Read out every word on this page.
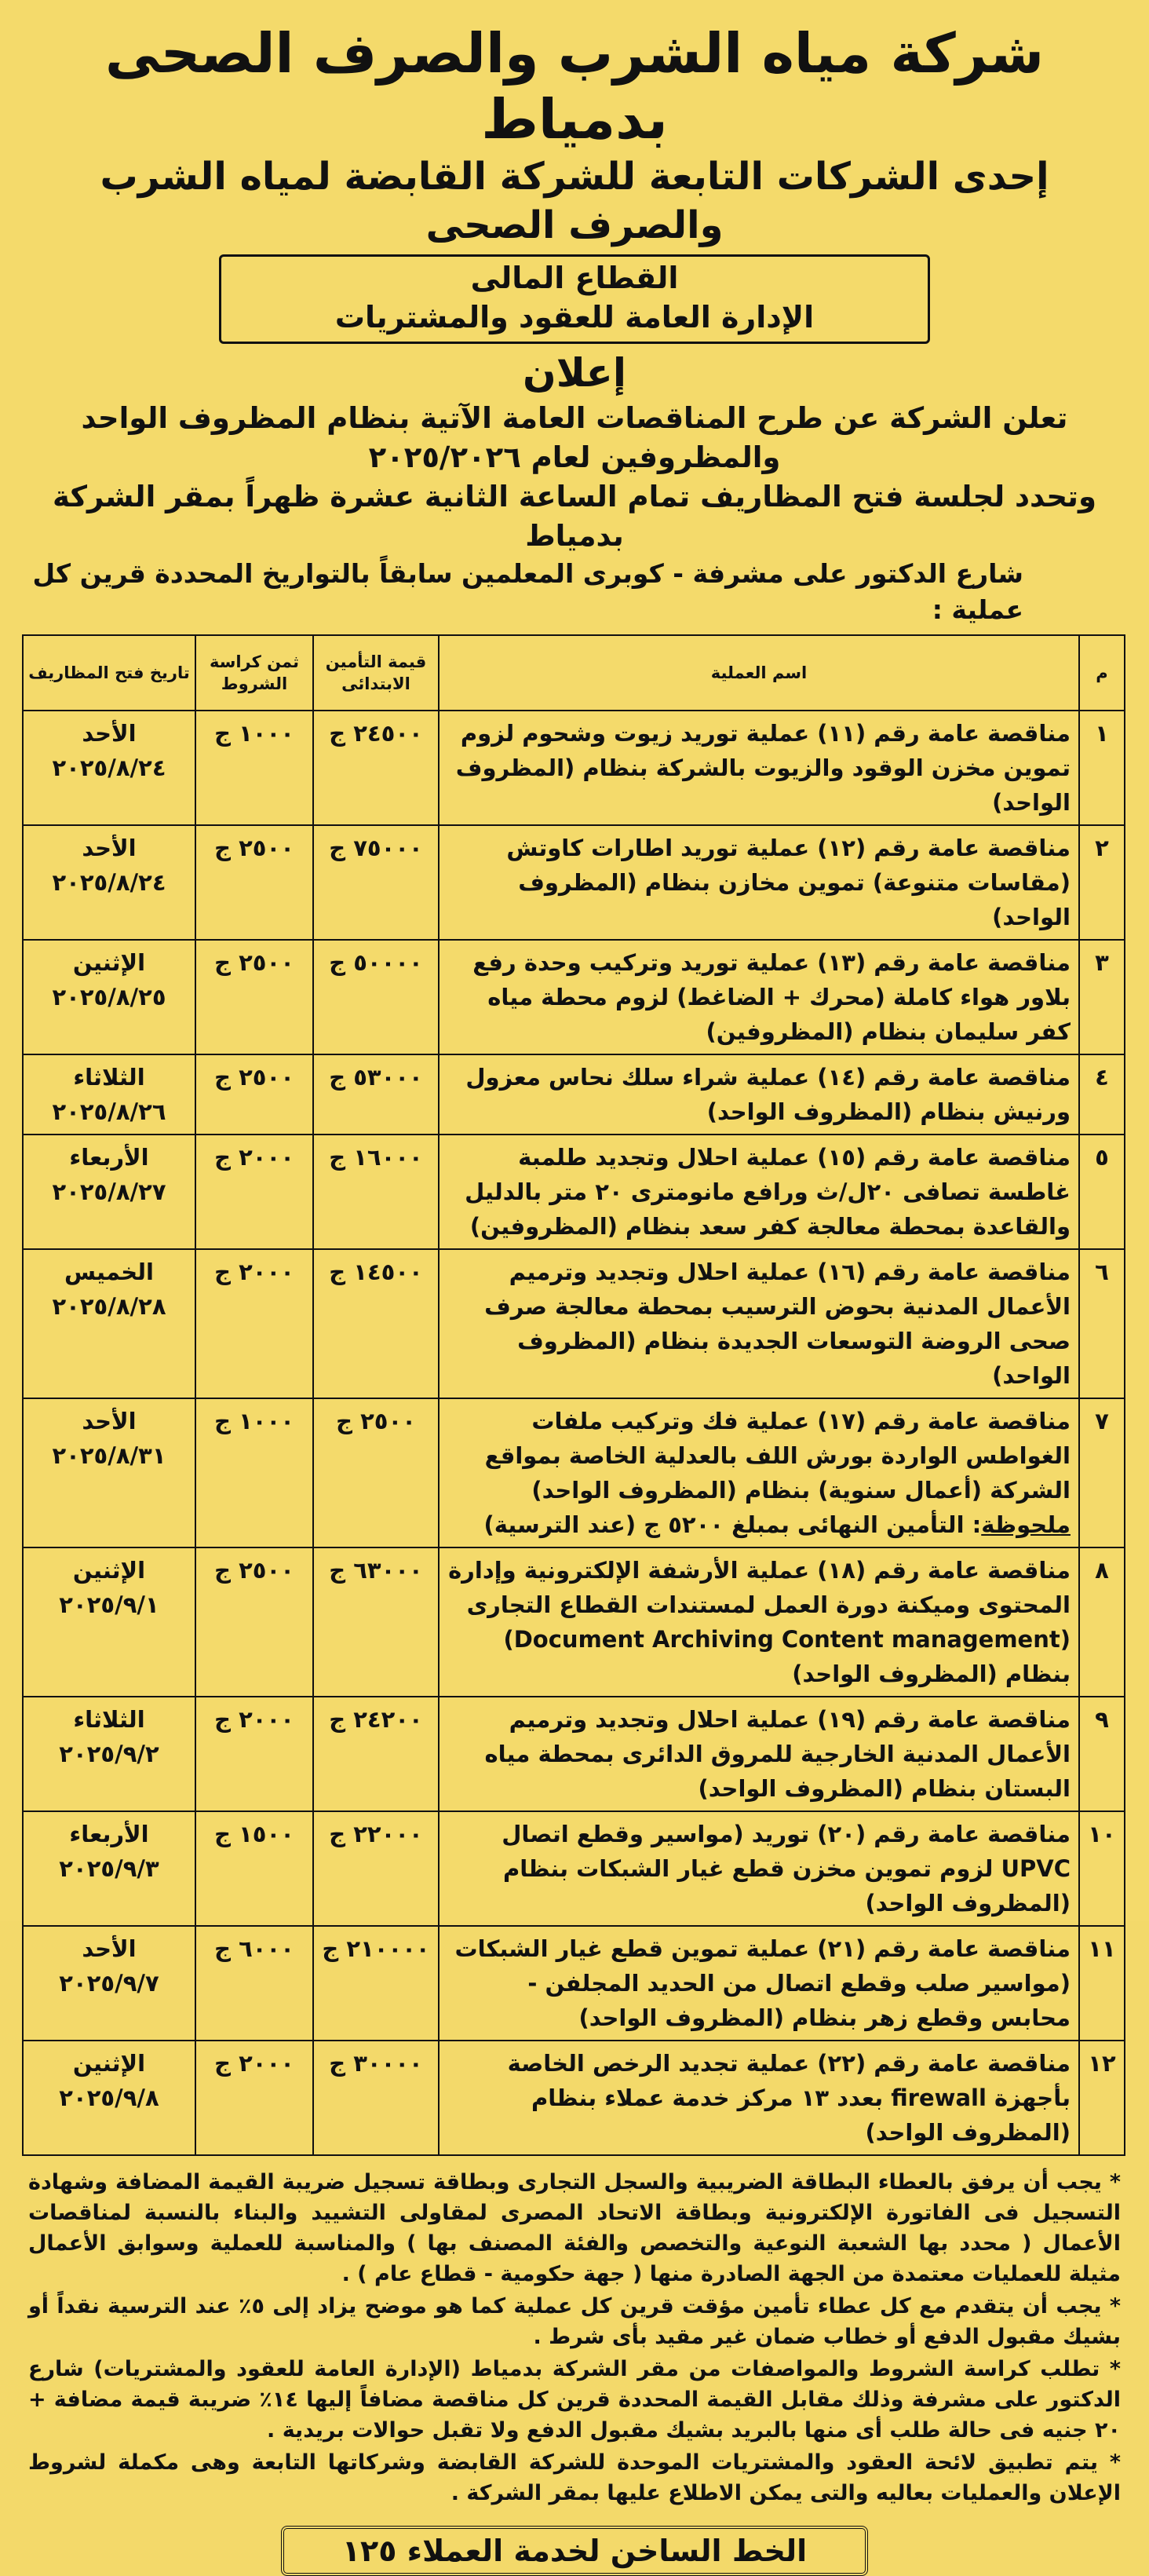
شركة مياه الشرب والصرف الصحى بدمياط
إحدى الشركات التابعة للشركة القابضة لمياه الشرب والصرف الصحى
القطاع المالى
الإدارة العامة للعقود والمشتريات
إعلان
تعلن الشركة عن طرح المناقصات العامة الآتية بنظام المظروف الواحد والمظروفين لعام ٢٠٢٥/٢٠٢٦
وتحدد لجلسة فتح المظاريف تمام الساعة الثانية عشرة ظهراً بمقر الشركة بدمياط
شارع الدكتور على مشرفة - كوبرى المعلمين سابقاً بالتواريخ المحددة قرين كل عملية :
م	اسم العملية	قيمة التأمين الابتدائى	ثمن كراسة الشروط	تاريخ فتح المظاريف
١	مناقصة عامة رقم (١١) عملية توريد زيوت وشحوم لزوم تموين مخزن الوقود والزيوت بالشركة بنظام (المظروف الواحد)	٢٤٥٠٠ ج	١٠٠٠ ج	الأحد
٢٠٢٥/٨/٢٤

٢	مناقصة عامة رقم (١٢) عملية توريد اطارات كاوتش (مقاسات متنوعة) تموين مخازن بنظام (المظروف الواحد)	٧٥٠٠٠ ج	٢٥٠٠ ج	الأحد
٢٠٢٥/٨/٢٤

٣	مناقصة عامة رقم (١٣) عملية توريد وتركيب وحدة رفع بلاور هواء كاملة (محرك + الضاغط) لزوم محطة مياه كفر سليمان بنظام (المظروفين)	٥٠٠٠٠ ج	٢٥٠٠ ج	الإثنين
٢٠٢٥/٨/٢٥

٤	مناقصة عامة رقم (١٤) عملية شراء سلك نحاس معزول ورنيش بنظام (المظروف الواحد)	٥٣٠٠٠ ج	٢٥٠٠ ج	الثلاثاء
٢٠٢٥/٨/٢٦

٥	مناقصة عامة رقم (١٥) عملية احلال وتجديد طلمبة غاطسة تصافى ٢٠ل/ث ورافع مانومترى ٢٠ متر بالدليل والقاعدة بمحطة معالجة كفر سعد بنظام (المظروفين)	١٦٠٠٠ ج	٢٠٠٠ ج	الأربعاء
٢٠٢٥/٨/٢٧

٦	مناقصة عامة رقم (١٦) عملية احلال وتجديد وترميم الأعمال المدنية بحوض الترسيب بمحطة معالجة صرف صحى الروضة التوسعات الجديدة بنظام (المظروف الواحد)	١٤٥٠٠ ج	٢٠٠٠ ج	الخميس
٢٠٢٥/٨/٢٨

٧	مناقصة عامة رقم (١٧) عملية فك وتركيب ملفات الغواطس الواردة بورش اللف بالعدلية الخاصة بمواقع الشركة (أعمال سنوية) بنظام (المظروف الواحد)
ملحوظة: التأمين النهائى بمبلغ ٥٢٠٠ ج (عند الترسية)	٢٥٠٠ ج	١٠٠٠ ج	الأحد
٢٠٢٥/٨/٣١

٨	مناقصة عامة رقم (١٨) عملية الأرشفة الإلكترونية وإدارة المحتوى وميكنة دورة العمل لمستندات القطاع التجارى (Document Archiving Content management) بنظام (المظروف الواحد)	٦٣٠٠٠ ج	٢٥٠٠ ج	الإثنين
٢٠٢٥/٩/١

٩	مناقصة عامة رقم (١٩) عملية احلال وتجديد وترميم الأعمال المدنية الخارجية للمروق الدائرى بمحطة مياه البستان بنظام (المظروف الواحد)	٢٤٢٠٠ ج	٢٠٠٠ ج	الثلاثاء
٢٠٢٥/٩/٢

١٠	مناقصة عامة رقم (٢٠) توريد (مواسير وقطع اتصال UPVC لزوم تموين مخزن قطع غيار الشبكات بنظام (المظروف الواحد)	٢٢٠٠٠ ج	١٥٠٠ ج	الأربعاء
٢٠٢٥/٩/٣

١١	مناقصة عامة رقم (٢١) عملية تموين قطع غيار الشبكات (مواسير صلب وقطع اتصال من الحديد المجلفن - محابس وقطع زهر بنظام (المظروف الواحد)	٢١٠٠٠٠ ج	٦٠٠٠ ج	الأحد
٢٠٢٥/٩/٧

١٢	مناقصة عامة رقم (٢٢) عملية تجديد الرخص الخاصة بأجهزة firewall بعدد ١٣ مركز خدمة عملاء بنظام (المظروف الواحد)	٣٠٠٠٠ ج	٢٠٠٠ ج	الإثنين
٢٠٢٥/٩/٨

* يجب أن يرفق بالعطاء البطاقة الضريبية والسجل التجارى وبطاقة تسجيل ضريبة القيمة المضافة وشهادة التسجيل فى الفاتورة الإلكترونية وبطاقة الاتحاد المصرى لمقاولى التشييد والبناء بالنسبة لمناقصات الأعمال ( محدد بها الشعبة النوعية والتخصص والفئة المصنف بها ) والمناسبة للعملية وسوابق الأعمال مثيلة للعمليات معتمدة من الجهة الصادرة منها ( جهة حكومية - قطاع عام ) .

* يجب أن يتقدم مع كل عطاء تأمين مؤقت قرين كل عملية كما هو موضح يزاد إلى ٥٪ عند الترسية نقداً أو بشيك مقبول الدفع أو خطاب ضمان غير مقيد بأى شرط .

* تطلب كراسة الشروط والمواصفات من مقر الشركة بدمياط (الإدارة العامة للعقود والمشتريات) شارع الدكتور على مشرفة وذلك مقابل القيمة المحددة قرين كل مناقصة مضافاً إليها ١٤٪ ضريبة قيمة مضافة + ٢٠ جنيه فى حالة طلب أى منها بالبريد بشيك مقبول الدفع ولا تقبل حوالات بريدية .

* يتم تطبيق لائحة العقود والمشتريات الموحدة للشركة القابضة وشركاتها التابعة وهى مكملة لشروط الإعلان والعمليات بعاليه والتى يمكن الاطلاع عليها بمقر الشركة .

الخط الساخن لخدمة العملاء ١٢٥
